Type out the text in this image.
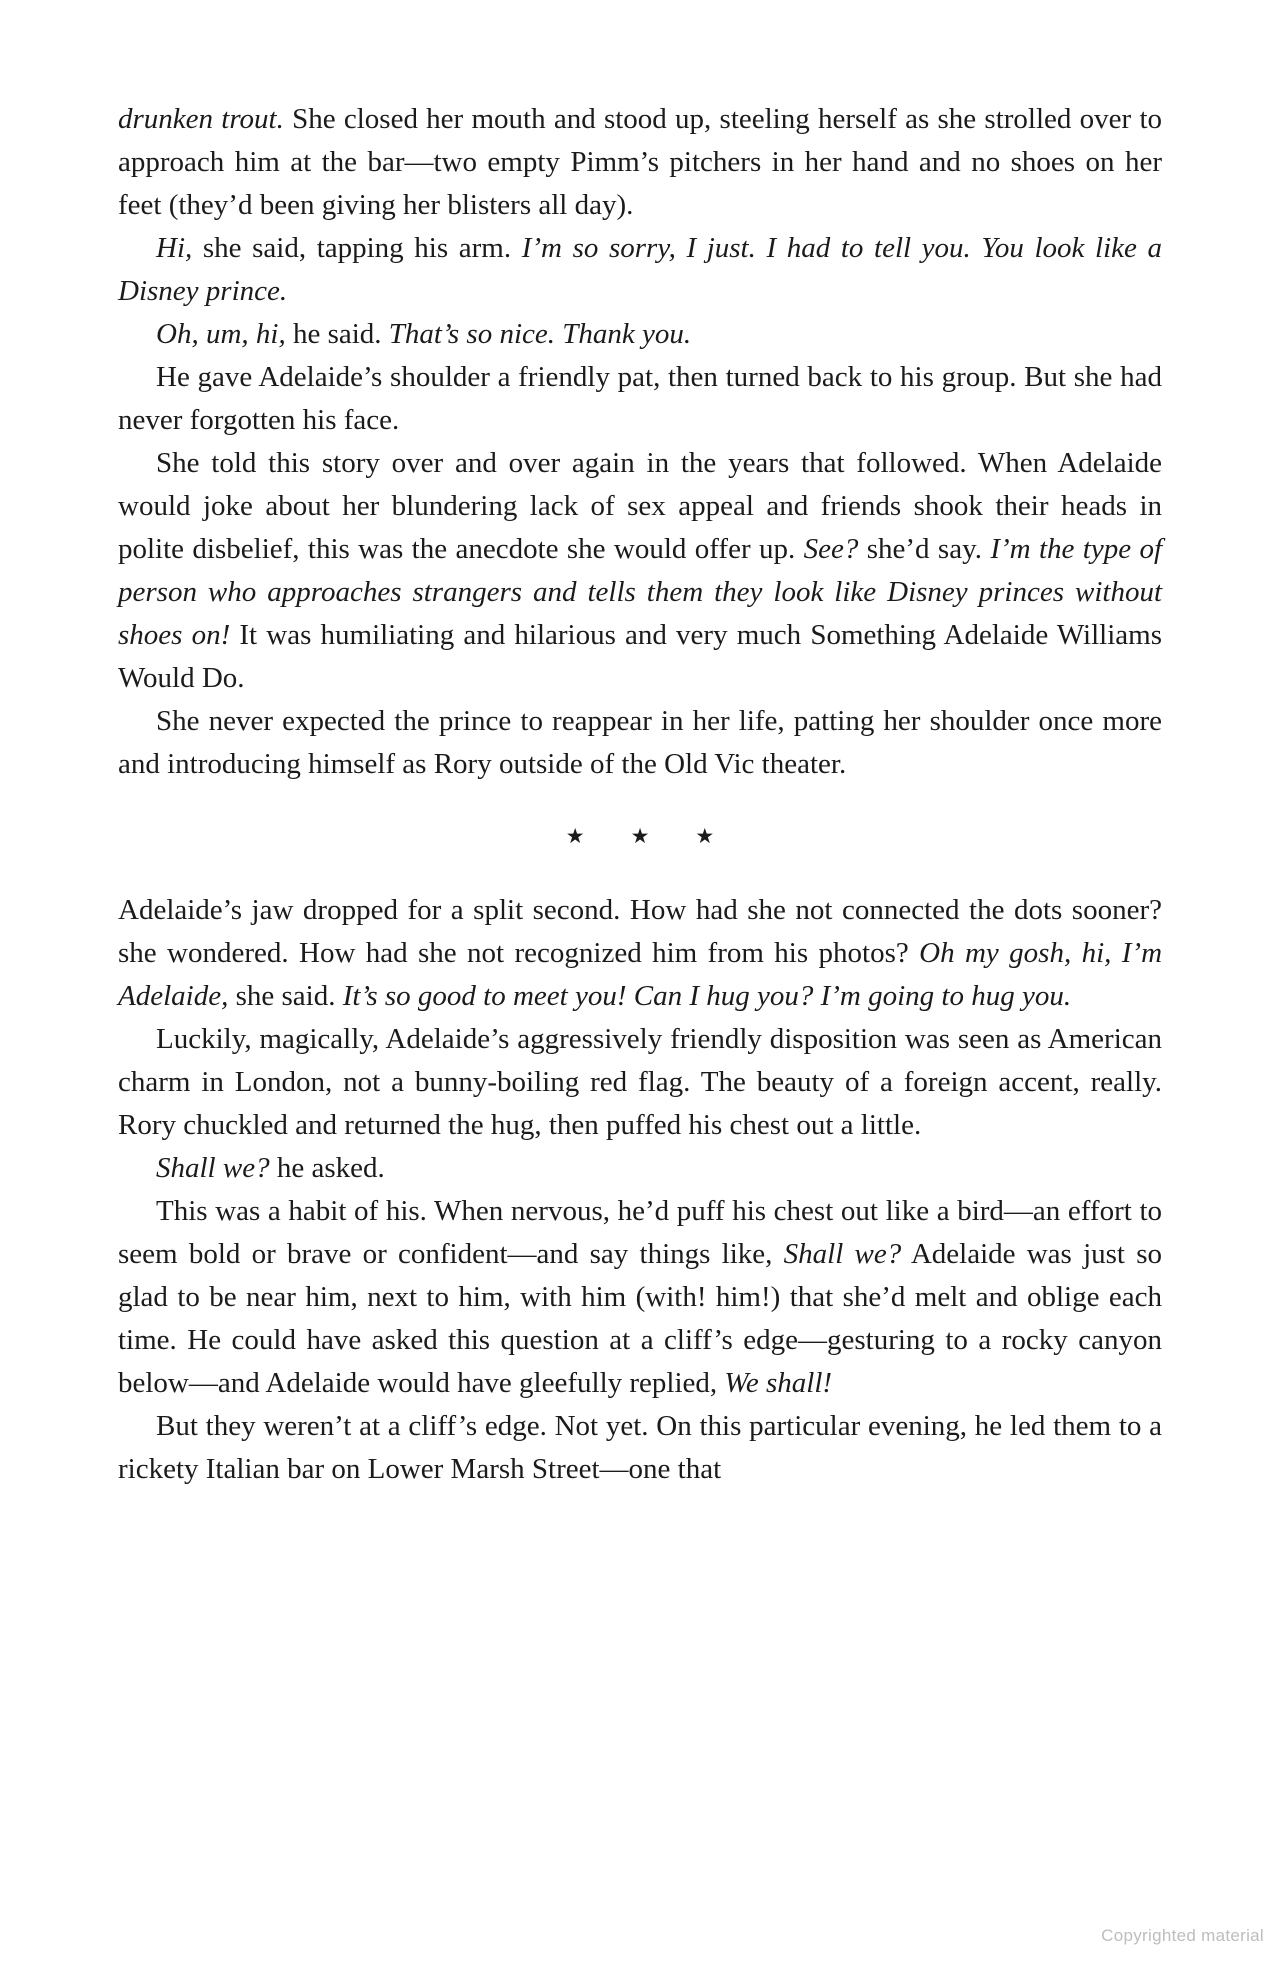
drunken trout. She closed her mouth and stood up, steeling herself as she strolled over to approach him at the bar—two empty Pimm’s pitchers in her hand and no shoes on her feet (they’d been giving her blisters all day).

Hi, she said, tapping his arm. I’m so sorry, I just. I had to tell you. You look like a Disney prince.

Oh, um, hi, he said. That’s so nice. Thank you.

He gave Adelaide’s shoulder a friendly pat, then turned back to his group. But she had never forgotten his face.

She told this story over and over again in the years that followed. When Adelaide would joke about her blundering lack of sex appeal and friends shook their heads in polite disbelief, this was the anecdote she would offer up. See? she’d say. I’m the type of person who approaches strangers and tells them they look like Disney princes without shoes on! It was humiliating and hilarious and very much Something Adelaide Williams Would Do.

She never expected the prince to reappear in her life, patting her shoulder once more and introducing himself as Rory outside of the Old Vic theater.

★ ★ ★

Adelaide’s jaw dropped for a split second. How had she not connected the dots sooner? she wondered. How had she not recognized him from his photos? Oh my gosh, hi, I’m Adelaide, she said. It’s so good to meet you! Can I hug you? I’m going to hug you.

Luckily, magically, Adelaide’s aggressively friendly disposition was seen as American charm in London, not a bunny-boiling red flag. The beauty of a foreign accent, really. Rory chuckled and returned the hug, then puffed his chest out a little.

Shall we? he asked.

This was a habit of his. When nervous, he’d puff his chest out like a bird—an effort to seem bold or brave or confident—and say things like, Shall we? Adelaide was just so glad to be near him, next to him, with him (with! him!) that she’d melt and oblige each time. He could have asked this question at a cliff’s edge—gesturing to a rocky canyon below—and Adelaide would have gleefully replied, We shall!

But they weren’t at a cliff’s edge. Not yet. On this particular evening, he led them to a rickety Italian bar on Lower Marsh Street—one that

Copyrighted material
